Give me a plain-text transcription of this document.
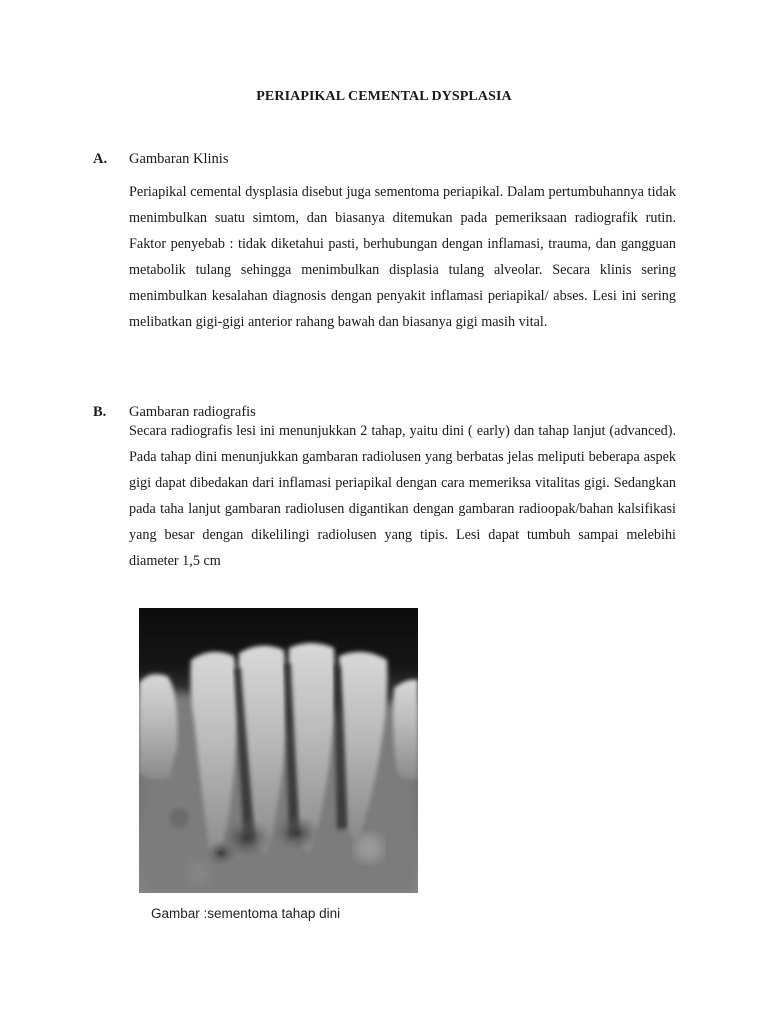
PERIAPIKAL CEMENTAL DYSPLASIA
A. Gambaran Klinis

Periapikal cemental dysplasia disebut juga sementoma periapikal. Dalam pertumbuhannya tidak menimbulkan suatu simtom, dan biasanya ditemukan pada pemeriksaan radiografik rutin. Faktor penyebab : tidak diketahui pasti, berhubungan dengan inflamasi, trauma, dan gangguan metabolik tulang sehingga menimbulkan displasia tulang alveolar. Secara klinis sering menimbulkan kesalahan diagnosis dengan penyakit inflamasi periapikal/ abses. Lesi ini sering melibatkan gigi-gigi anterior rahang bawah dan biasanya gigi masih vital.

B. Gambaran radiografis

Secara radiografis lesi ini menunjukkan 2 tahap, yaitu dini ( early) dan tahap lanjut (advanced). Pada tahap dini menunjukkan gambaran radiolusen yang berbatas jelas meliputi beberapa aspek gigi dapat dibedakan dari inflamasi periapikal dengan cara memeriksa vitalitas gigi. Sedangkan pada taha lanjut gambaran radiolusen digantikan dengan gambaran radioopak/bahan kalsifikasi yang besar dengan dikelilingi radiolusen yang tipis. Lesi dapat tumbuh sampai melebihi diameter 1,5 cm

Gambar :sementoma tahap dini
